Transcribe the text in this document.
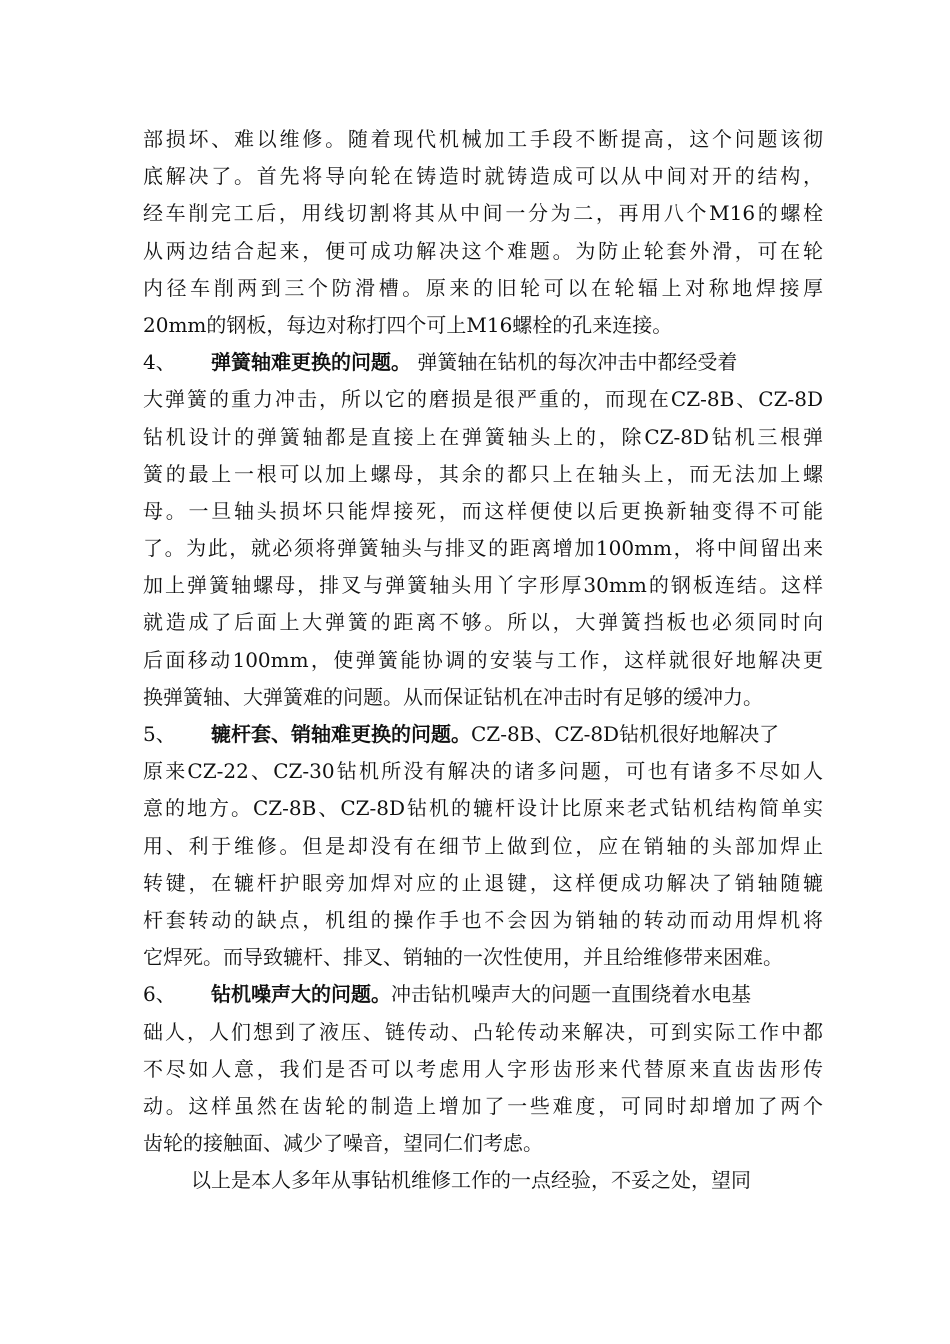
部损坏、难以维修。随着现代机械加工手段不断提高，这个问题该彻
底解决了。首先将导向轮在铸造时就铸造成可以从中间对开的结构，
经车削完工后，用线切割将其从中间一分为二，再用八个M16的螺栓
从两边结合起来，便可成功解决这个难题。为防止轮套外滑，可在轮
内径车削两到三个防滑槽。原来的旧轮可以在轮辐上对称地焊接厚
20mm的钢板，每边对称打四个可上M16螺栓的孔来连接。
4、 弹簧轴难更换的问题。 弹簧轴在钻机的每次冲击中都经受着
大弹簧的重力冲击，所以它的磨损是很严重的，而现在CZ-8B、CZ-8D
钻机设计的弹簧轴都是直接上在弹簧轴头上的，除CZ-8D钻机三根弹
簧的最上一根可以加上螺母，其余的都只上在轴头上，而无法加上螺
母。一旦轴头损坏只能焊接死，而这样便使以后更换新轴变得不可能
了。为此，就必须将弹簧轴头与排叉的距离增加100mm，将中间留出来
加上弹簧轴螺母，排叉与弹簧轴头用丫字形厚30mm的钢板连结。这样
就造成了后面上大弹簧的距离不够。所以，大弹簧挡板也必须同时向
后面移动100mm，使弹簧能协调的安装与工作，这样就很好地解决更
换弹簧轴、大弹簧难的问题。从而保证钻机在冲击时有足够的缓冲力。
5、 辘杆套、销轴难更换的问题。CZ-8B、CZ-8D钻机很好地解决了
原来CZ-22、CZ-30钻机所没有解决的诸多问题，可也有诸多不尽如人
意的地方。CZ-8B、CZ-8D钻机的辘杆设计比原来老式钻机结构简单实
用、利于维修。但是却没有在细节上做到位，应在销轴的头部加焊止
转键，在辘杆护眼旁加焊对应的止退键，这样便成功解决了销轴随辘
杆套转动的缺点，机组的操作手也不会因为销轴的转动而动用焊机将
它焊死。而导致辘杆、排叉、销轴的一次性使用，并且给维修带来困难。
6、 钻机噪声大的问题。冲击钻机噪声大的问题一直围绕着水电基
础人，人们想到了液压、链传动、凸轮传动来解决，可到实际工作中都
不尽如人意，我们是否可以考虑用人字形齿形来代替原来直齿齿形传
动。这样虽然在齿轮的制造上增加了一些难度，可同时却增加了两个
齿轮的接触面、减少了噪音，望同仁们考虑。
以上是本人多年从事钻机维修工作的一点经验，不妥之处，望同
